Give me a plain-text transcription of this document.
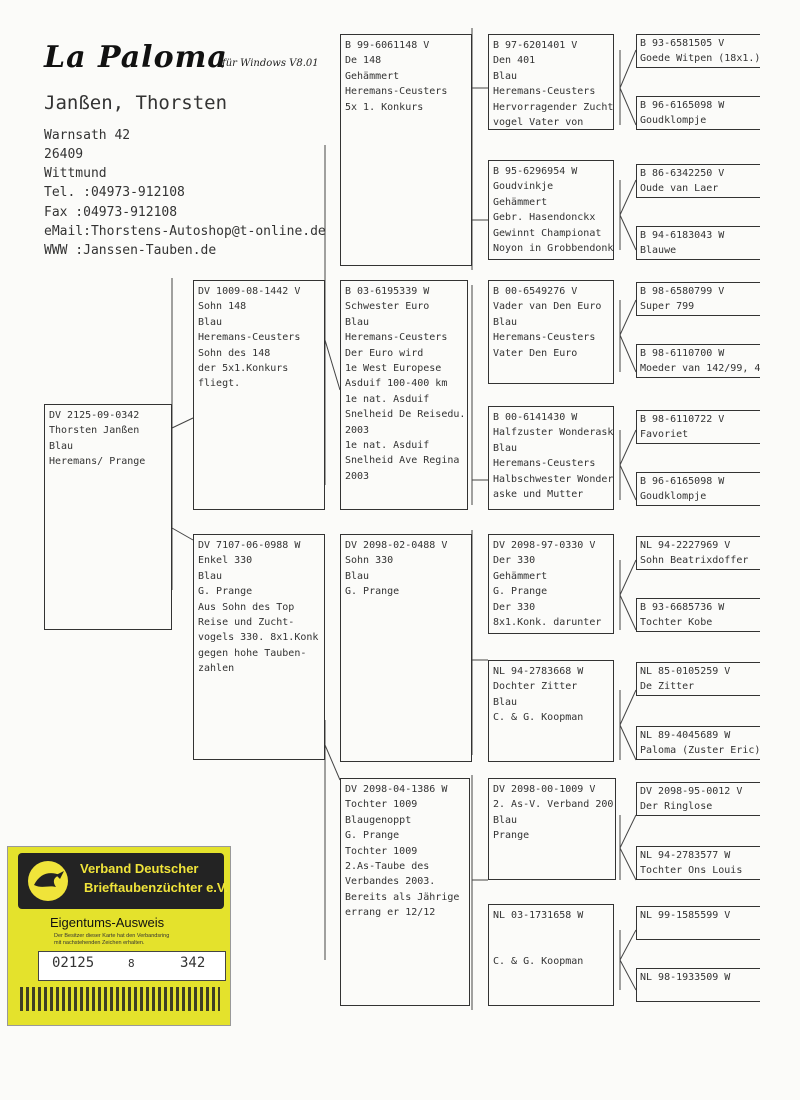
La Paloma
für Windows V8.01
Janßen, Thorsten
Warnsath 42
26409
Wittmund
Tel. :04973-912108
Fax :04973-912108
eMail:Thorstens-Autoshop@t-online.de
WWW :Janssen-Tauben.de
DV 2125-09-0342
Thorsten Janßen
Blau
Heremans/ Prange
DV 1009-08-1442 V
Sohn 148
Blau
Heremans-Ceusters
Sohn des 148
der 5x1.Konkurs
fliegt.
DV 7107-06-0988 W
Enkel 330
Blau
G. Prange
Aus Sohn des Top
Reise und Zucht-
vogels 330. 8x1.Konk
gegen hohe Tauben-
zahlen
B 99-6061148 V
De 148
Gehämmert
Heremans-Ceusters
5x 1. Konkurs
B 03-6195339 W
Schwester Euro
Blau
Heremans-Ceusters
Der Euro wird
1e West Europese
Asduif 100-400 km
1e nat. Asduif
Snelheid De Reisedu.
2003
1e nat. Asduif
Snelheid Ave Regina
2003
DV 2098-02-0488 V
Sohn 330
Blau
G. Prange
DV 2098-04-1386 W
Tochter 1009
Blaugenoppt
G. Prange
Tochter 1009
2.As-Taube des
Verbandes 2003.
Bereits als Jährige
errang er 12/12
B 97-6201401 V
Den 401
Blau
Heremans-Ceusters
Hervorragender Zucht
vogel Vater von
B 95-6296954 W
Goudvinkje
Gehämmert
Gebr. Hasendonckx
Gewinnt Championat
Noyon in Grobbendonk
B 00-6549276 V
Vader van Den Euro
Blau
Heremans-Ceusters
Vater Den Euro
B 00-6141430 W
Halfzuster Wonderask
Blau
Heremans-Ceusters
Halbschwester Wonder
aske und Mutter
DV 2098-97-0330 V
Der 330
Gehämmert
G. Prange
Der 330
8x1.Konk. darunter
NL 94-2783668 W
Dochter Zitter
Blau
C. & G. Koopman
DV 2098-00-1009 V
2. As-V. Verband 200
Blau
Prange
NL 03-1731658 W

C. & G. Koopman
B 93-6581505 V
Goede Witpen (18x1.)
B 96-6165098 W
Goudklompje
B 86-6342250 V
Oude van Laer
B 94-6183043 W
Blauwe
B 98-6580799 V
Super 799
B 98-6110700 W
Moeder van 142/99, 4
B 98-6110722 V
Favoriet
B 96-6165098 W
Goudklompje
NL 94-2227969 V
Sohn Beatrixdoffer
B 93-6685736 W
Tochter Kobe
NL 85-0105259 V
De Zitter
NL 89-4045689 W
Paloma (Zuster Eric)
DV 2098-95-0012 V
Der Ringlose
NL 94-2783577 W
Tochter Ons Louis
NL 99-1585599 V

NL 98-1933509 W

Verband Deutscher
Brieftaubenzüchter e.V.
Eigentums-Ausweis
Der Besitzer dieser Karte hat den Verbandsring
mit nachstehenden Zeichen erhalten.
02125	8	342
